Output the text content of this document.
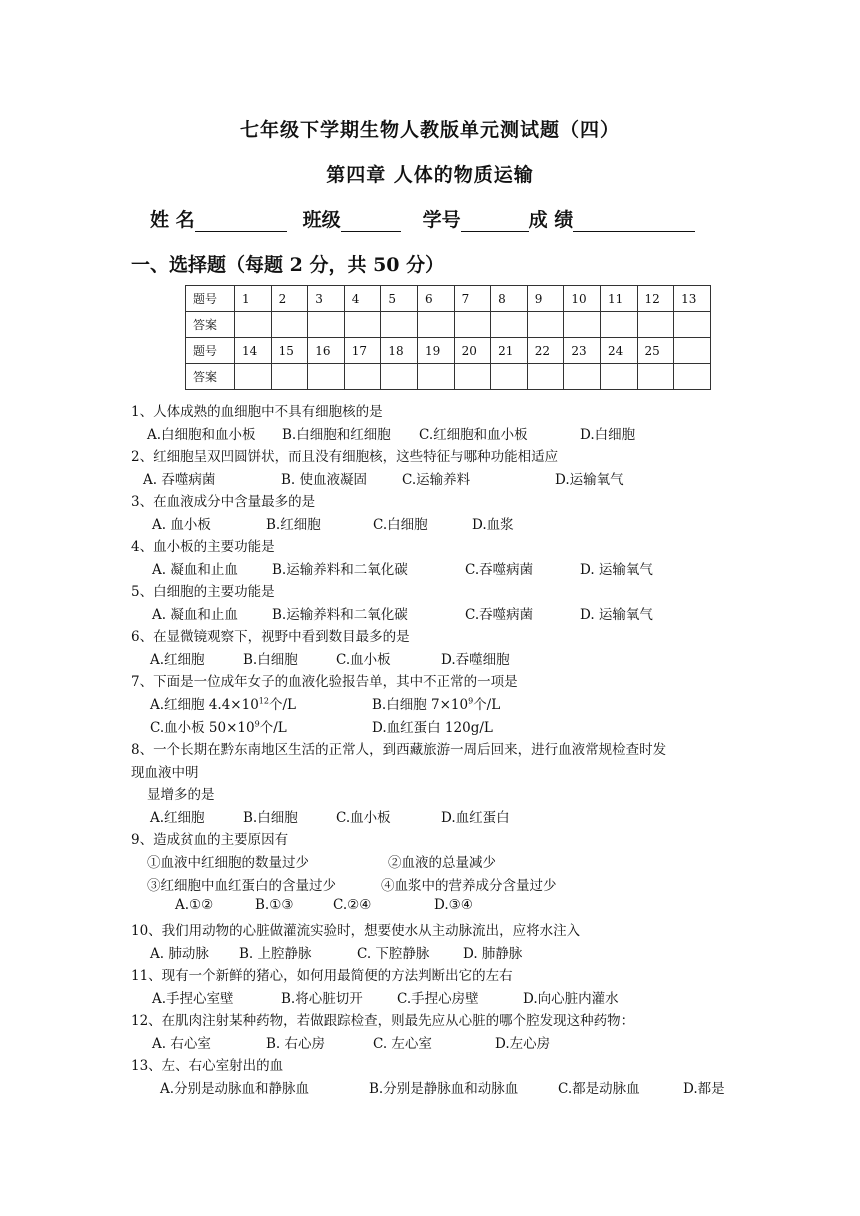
七年级下学期生物人教版单元测试题（四）
第四章 人体的物质运输
姓 名	班级	学号	成 绩
一、选择题（每题 2 分，共 50 分）
题号	1	2	3	4	5	6	7	8	9	10	11	12	13
答案													
题号	14	15	16	17	18	19	20	21	22	23	24	25	
答案													
1、人体成熟的血细胞中不具有细胞核的是
A.白细胞和血小板 B.白细胞和红细胞 C.红细胞和血小板	D.白细胞
2、红细胞呈双凹圆饼状，而且没有细胞核，这些特征与哪种功能相适应
A. 吞噬病菌	B. 使血液凝固	C.运输养料	D.运输氧气
3、在血液成分中含量最多的是
A. 血小板	B.红细胞	C.白细胞	D.血浆
4、血小板的主要功能是
A. 凝血和止血	B.运输养料和二氧化碳	C.吞噬病菌	D. 运输氧气
5、白细胞的主要功能是
A. 凝血和止血	B.运输养料和二氧化碳	C.吞噬病菌	D. 运输氧气
6、在显微镜观察下，视野中看到数目最多的是
A.红细胞	B.白细胞	C.血小板	D.吞噬细胞
7、下面是一位成年女子的血液化验报告单，其中不正常的一项是
A.红细胞 $4.4\times 10^{12}$个/L	B.白细胞 $7\times 10^9$个/L
C.血小板 $50\times 10^9$个/L	D.血红蛋白 120g/L
8、一个长期在黔东南地区生活的正常人，到西藏旅游一周后回来，进行血液常规检查时发
现血液中明
显增多的是
A.红细胞	B.白细胞	C.血小板	D.血红蛋白
9、造成贫血的主要原因有
①血液中红细胞的数量过少	②血液的总量减少
③红细胞中血红蛋白的含量过少	④血浆中的营养成分含量过少
A.①②	B.①③	C.②④	D.③④
10、我们用动物的心脏做灌流实验时，想要使水从主动脉流出，应将水注入
A. 肺动脉 B. 上腔静脉	C. 下腔静脉 D. 肺静脉
11、现有一个新鲜的猪心，如何用最简便的方法判断出它的左右
A.手捏心室壁	B.将心脏切开	C.手捏心房壁	D.向心脏内灌水
12、在肌肉注射某种药物，若做跟踪检查，则最先应从心脏的哪个腔发现这种药物：
A. 右心室	B. 右心房	C. 左心室	D.左心房
13、左、右心室射出的血
A.分别是动脉血和静脉血	B.分别是静脉血和动脉血	C.都是动脉血	D.都是
